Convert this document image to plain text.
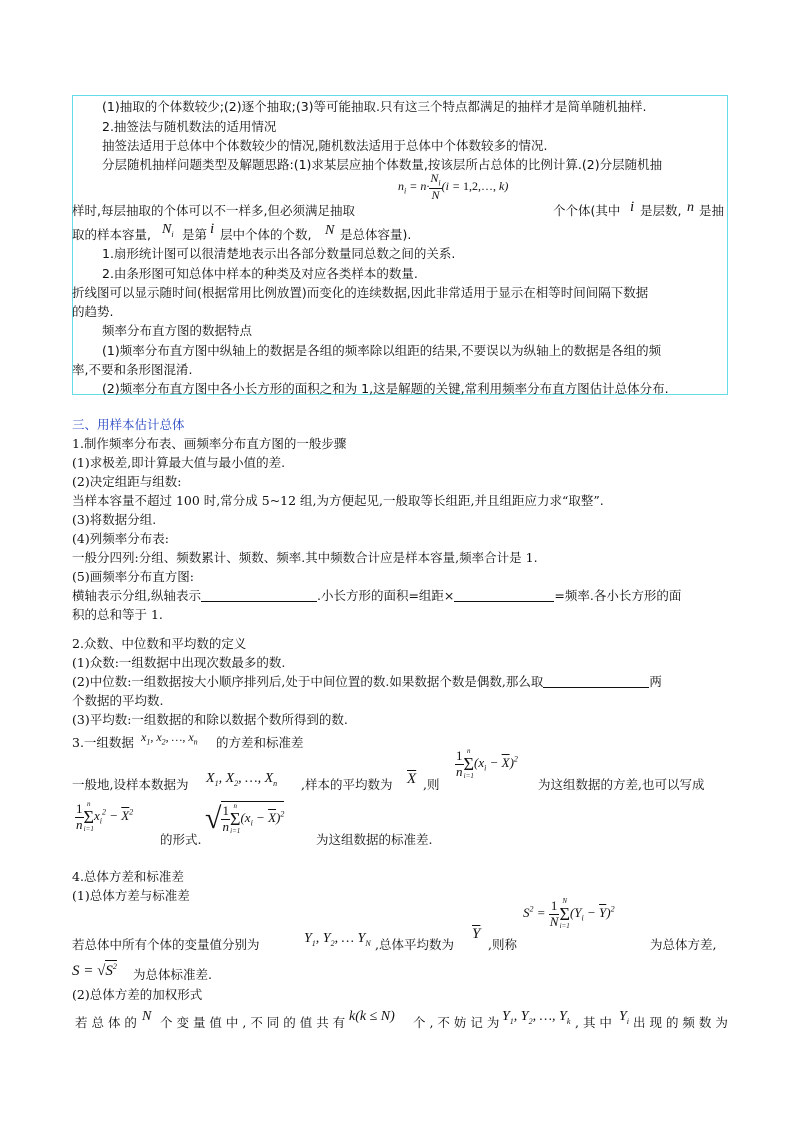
(1)抽取的个体数较少;(2)逐个抽取;(3)等可能抽取.只有这三个特点都满足的抽样才是简单随机抽样.
2.抽签法与随机数法的适用情况
抽签法适用于总体中个体数较少的情况,随机数法适用于总体中个体数较多的情况.
分层随机抽样问题类型及解题思路:(1)求某层应抽个体数量,按该层所占总体的比例计算.(2)分层随机抽
$n_i = n\cdot \frac{N_i}{N} (i$ = 1,2,…, k)
样时,每层抽取的个体可以不一样多,但必须满足抽取	个个体(其中 i 是层数, n 是抽
取的样本容量, $N_i$ 是第 i 层中个体的个数, N 是总体容量).
1.扇形统计图可以很清楚地表示出各部分数量同总数之间的关系.
2.由条形图可知总体中样本的种类及对应各类样本的数量.
折线图可以显示随时间(根据常用比例放置)而变化的连续数据,因此非常适用于显示在相等时间间隔下数据
的趋势.
频率分布直方图的数据特点
(1)频率分布直方图中纵轴上的数据是各组的频率除以组距的结果,不要误以为纵轴上的数据是各组的频
率,不要和条形图混淆.
(2)频率分布直方图中各小长方形的面积之和为 1,这是解题的关键,常利用频率分布直方图估计总体分布.
三、用样本估计总体
1.制作频率分布表、画频率分布直方图的一般步骤
(1)求极差,即计算最大值与最小值的差.
(2)决定组距与组数:
当样本容量不超过 100 时,常分成 5~12 组,为方便起见,一般取等长组距,并且组距应力求“取整”.
(3)将数据分组.
(4)列频率分布表:
一般分四列:分组、频数累计、频数、频率.其中频数合计应是样本容量,频率合计是 1.
(5)画频率分布直方图:
横轴表示分组,纵轴表示	.小长方形的面积=组距×	=频率.各小长方形的面
积的总和等于 1.
2.众数、中位数和平均数的定义
(1)众数:一组数据中出现次数最多的数.
(2)中位数:一组数据按大小顺序排列后,处于中间位置的数.如果数据个数是偶数,那么取	两
个数据的平均数.
(3)平均数:一组数据的和除以数据个数所得到的数.
3.一组数据 $x_1$, $x_2$, …, $x_n$ 的方差和标准差
$\frac{1}{n}$ n
Σ
i=1
$(x_i - \overline{X})^2$
一般地,设样本数据为 $X_1$, $X_2$, …, $X_n$ ,样本的平均数为 $\overline{X}$ ,则	为这组数据的方差,也可以写成
$\frac{1}{n}$ n
Σ
i=1
$x_i^2 - \overline{X}^2$
的形式.
√ $\frac{1}{n}$ n
Σ
i=1
$(x_i - \overline{X})^2$
为这组数据的标准差.
4.总体方差和标准差
(1)总体方差与标准差
$S^2 = \frac{1}{N}$ N
Σ
i=1
$(Y_i - \overline{Y})^2$
若总体中所有个体的变量值分别为	$Y_1$, $Y_2$, … $Y_N$ ,总体平均数为
$\overline{Y}$
,则称	为总体方差,
$S = √S^2$
为总体标准差.
(2)总体方差的加权形式
若 总 体 的 N 个 变 量 值 中 , 不 同 的 值 共 有 k(k ≤ N) 个 , 不 妨 记 为 $Y_1$, $Y_2$, …, $Y_k$ , 其 中 $Y_i$ 出 现 的 频 数 为
